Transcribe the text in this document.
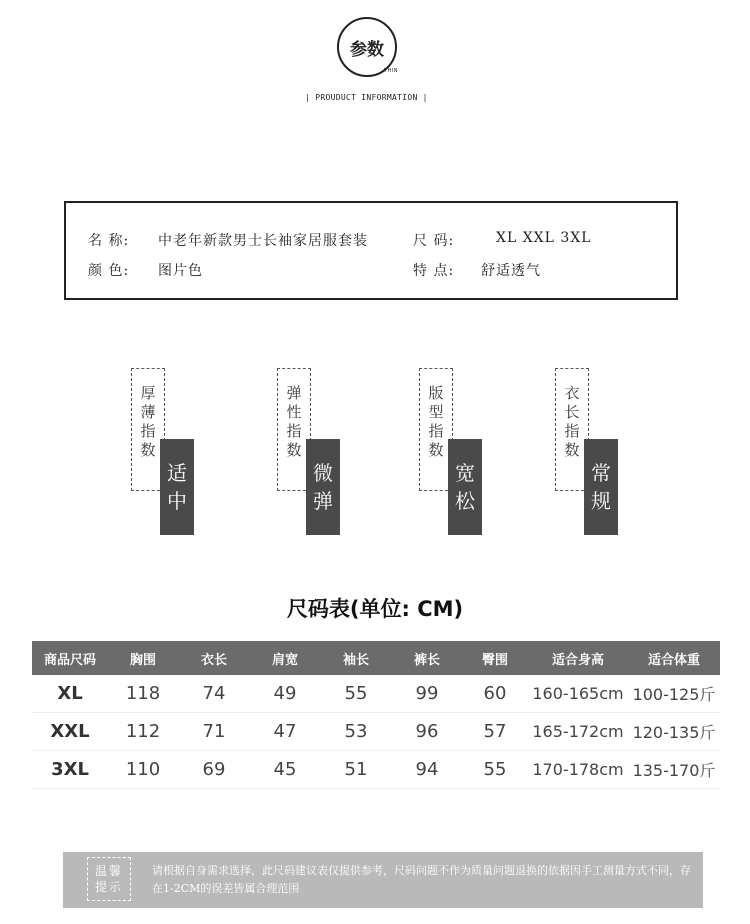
参数
THIN
| PROUDUCT INFORMATION |
名 称: 中老年新款男士长袖家居服套装	尺 码:	XL XXL 3XL
颜 色: 图片色	特 点: 舒适透气
厚
薄
指
数
适
中
弹
性
指
数
微
弹
版
型
指
数
宽
松
衣
长
指
数
常
规
尺码表(单位: CM)
商品尺码	胸围	衣长	肩宽	袖长	裤长	臀围	适合身高	适合体重
XL	118	74	49	55	99	60	160-165cm	100-125斤
XXL	112	71	47	53	96	57	165-172cm	120-135斤
3XL	110	69	45	51	94	55	170-178cm	135-170斤
温馨
提示
请根据自身需求选择，此尺码建议表仅提供参考，尺码问题不作为质量问题退换的依据因手工测量方式不同，存在1-2CM的误差皆属合理范围
